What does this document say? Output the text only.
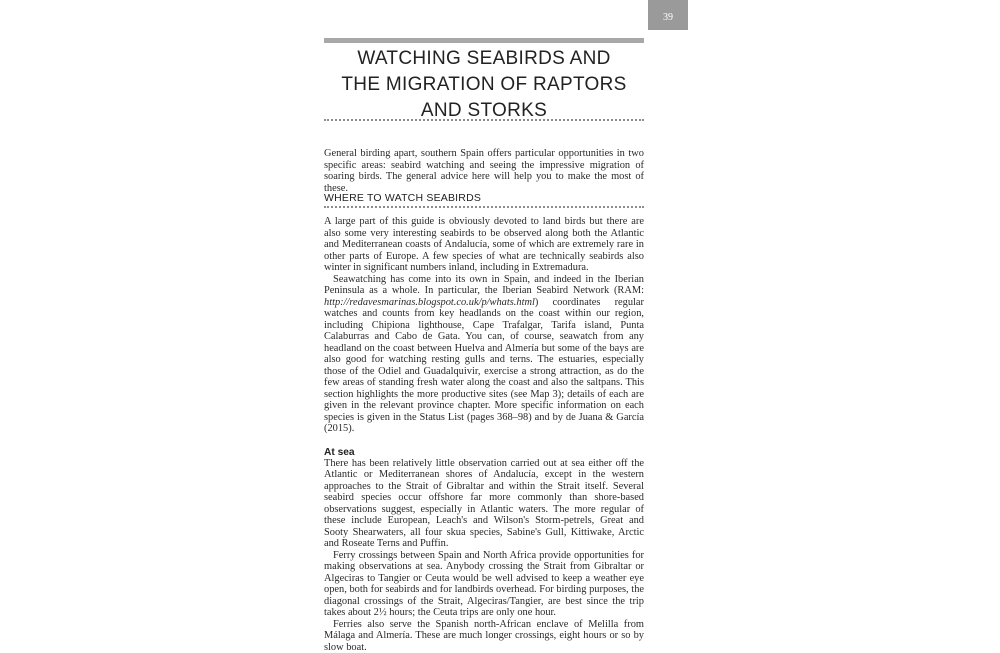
39
WATCHING SEABIRDS AND
THE MIGRATION OF RAPTORS
AND STORKS

General birding apart, southern Spain offers particular opportunities in two specific areas: seabird watching and seeing the impressive migration of soaring birds. The general advice here will help you to make the most of these.

WHERE TO WATCH SEABIRDS

A large part of this guide is obviously devoted to land birds but there are also some very interesting seabirds to be observed along both the Atlantic and Mediterranean coasts of Andalucía, some of which are extremely rare in other parts of Europe. A few species of what are technically seabirds also winter in significant numbers inland, including in Extremadura.

Seawatching has come into its own in Spain, and indeed in the Iberian Peninsula as a whole. In particular, the Iberian Seabird Network (RAM: http://redavesmarinas.blogspot.co.uk/p/whats.html) coordinates regular watches and counts from key headlands on the coast within our region, including Chipiona lighthouse, Cape Trafalgar, Tarifa island, Punta Calaburras and Cabo de Gata. You can, of course, seawatch from any headland on the coast between Huelva and Almería but some of the bays are also good for watching resting gulls and terns. The estuaries, especially those of the Odiel and Guadalquivir, exercise a strong attraction, as do the few areas of standing fresh water along the coast and also the saltpans. This section highlights the more productive sites (see Map 3); details of each are given in the relevant province chapter. More specific information on each species is given in the Status List (pages 368–98) and by de Juana & García (2015).

At sea

There has been relatively little observation carried out at sea either off the Atlantic or Mediterranean shores of Andalucía, except in the western approaches to the Strait of Gibraltar and within the Strait itself. Several seabird species occur offshore far more commonly than shore-based observations suggest, especially in Atlantic waters. The more regular of these include European, Leach's and Wilson's Storm-petrels, Great and Sooty Shearwaters, all four skua species, Sabine's Gull, Kittiwake, Arctic and Roseate Terns and Puffin.

Ferry crossings between Spain and North Africa provide opportunities for making observations at sea. Anybody crossing the Strait from Gibraltar or Algeciras to Tangier or Ceuta would be well advised to keep a weather eye open, both for seabirds and for landbirds overhead. For birding purposes, the diagonal crossings of the Strait, Algeciras/Tangier, are best since the trip takes about 2½ hours; the Ceuta trips are only one hour.

Ferries also serve the Spanish north-African enclave of Melilla from Málaga and Almería. These are much longer crossings, eight hours or so by slow boat.
